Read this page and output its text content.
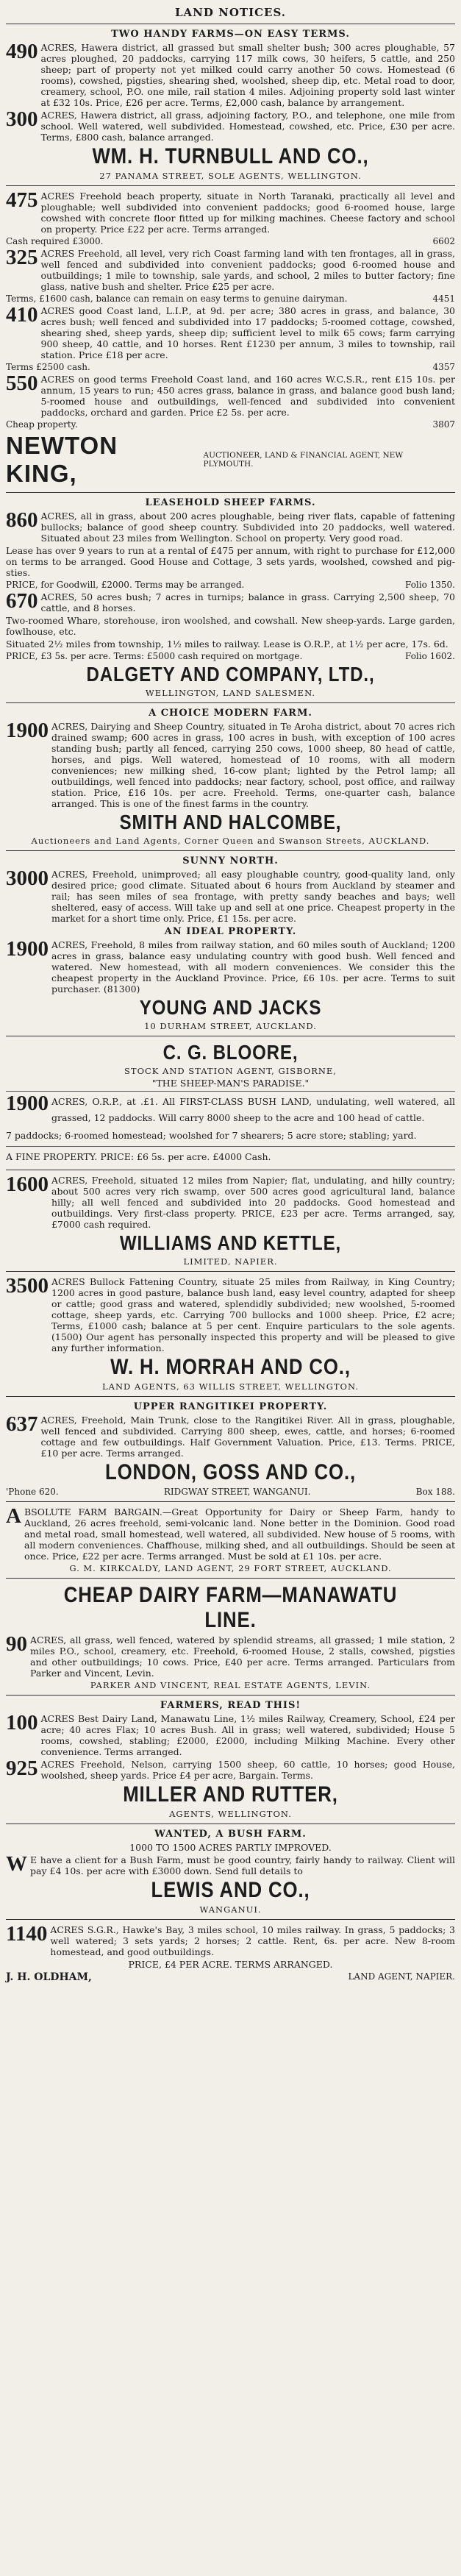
LAND NOTICES.
TWO HANDY FARMS—ON EASY TERMS.
490 ACRES, Hawera district, all grassed but small shelter bush; 300 acres ploughable, 57 acres ploughed, 20 paddocks, carrying 117 milk cows, 30 heifers, 5 cattle, and 250 sheep; part of property not yet milked could carry another 50 cows. Homestead (6 rooms), cowshed, pigsties, shearing shed, woolshed, sheep dip, etc. Metal road to door, creamery, school, P.O. one mile, rail station 4 miles. Adjoining property sold last winter at £32 10s. Price, £26 per acre. Terms, £2,000 cash, balance by arrangement.
300 ACRES, Hawera district, all grass, adjoining factory, P.O., and telephone, one mile from school. Well watered, well subdivided. Homestead, cowshed, etc. Price, £30 per acre. Terms, £800 cash, balance arranged.
WM. H. TURNBULL AND CO.,
27 PANAMA STREET, SOLE AGENTS, WELLINGTON.
475 ACRES Freehold beach property, situate in North Taranaki, practically all level and ploughable; well subdivided into convenient paddocks; good 6-roomed house, large cowshed with concrete floor fitted up for milking machines. Cheese factory and school on property. Price £22 per acre. Terms arranged.
Cash required £3000.	6602
325 ACRES Freehold, all level, very rich Coast farming land with ten frontages, all in grass, well fenced and subdivided into convenient paddocks; good 6-roomed house and outbuildings; 1 mile to township, sale yards, and school, 2 miles to butter factory; fine glass, native bush and shelter. Price £25 per acre.
Terms, £1600 cash, balance can remain on easy terms to genuine dairyman.	4451
410 ACRES good Coast land, L.I.P., at 9d. per acre; 380 acres in grass, and balance, 30 acres bush; well fenced and subdivided into 17 paddocks; 5-roomed cottage, cowshed, shearing shed, sheep yards, sheep dip; sufficient level to milk 65 cows; farm carrying 900 sheep, 40 cattle, and 10 horses. Rent £1230 per annum, 3 miles to township, rail station. Price £18 per acre.
Terms £2500 cash.	4357
550 ACRES on good terms Freehold Coast land, and 160 acres W.C.S.R., rent £15 10s. per annum, 15 years to run; 450 acres grass, balance in grass, and balance good bush land; 5-roomed house and outbuildings, well-fenced and subdivided into convenient paddocks, orchard and garden. Price £2 5s. per acre.
Cheap property.	3807
NEWTON KING,
AUCTIONEER, LAND & FINANCIAL AGENT, NEW PLYMOUTH.
LEASEHOLD SHEEP FARMS.
860 ACRES, all in grass, about 200 acres ploughable, being river flats, capable of fattening bullocks; balance of good sheep country. Subdivided into 20 paddocks, well watered. Situated about 23 miles from Wellington. School on property. Very good road.

Lease has over 9 years to run at a rental of £475 per annum, with right to purchase for £12,000 on terms to be arranged. Good House and Cottage, 3 sets yards, woolshed, cowshed and pig-sties.

PRICE, for Goodwill, £2000. Terms may be arranged.	Folio 1350.
670 ACRES, 50 acres bush; 7 acres in turnips; balance in grass. Carrying 2,500 sheep, 70 cattle, and 8 horses.

Two-roomed Whare, storehouse, iron woolshed, and cowshall. New sheep-yards. Large garden, fowlhouse, etc.

Situated 2½ miles from township, 1½ miles to railway. Lease is O.R.P., at 1½ per acre, 17s. 6d.

PRICE, £3 5s. per acre. Terms: £5000 cash required on mortgage.	Folio 1602.
DALGETY AND COMPANY, LTD.,
WELLINGTON, LAND SALESMEN.
A CHOICE MODERN FARM.
1900 ACRES, Dairying and Sheep Country, situated in Te Aroha district, about 70 acres rich drained swamp; 600 acres in grass, 100 acres in bush, with exception of 100 acres standing bush; partly all fenced, carrying 250 cows, 1000 sheep, 80 head of cattle, horses, and pigs. Well watered, homestead of 10 rooms, with all modern conveniences; new milking shed, 16-cow plant; lighted by the Petrol lamp; all outbuildings, well fenced into paddocks; near factory, school, post office, and railway station. Price, £16 10s. per acre. Freehold. Terms, one-quarter cash, balance arranged. This is one of the finest farms in the country.
SMITH AND HALCOMBE,
Auctioneers and Land Agents, Corner Queen and Swanson Streets, AUCKLAND.
SUNNY NORTH.
3000 ACRES, Freehold, unimproved; all easy ploughable country, good-quality land, only desired price; good climate. Situated about 6 hours from Auckland by steamer and rail; has seen miles of sea frontage, with pretty sandy beaches and bays; well sheltered, easy of access. Will take up and sell at one price. Cheapest property in the market for a short time only. Price, £1 15s. per acre.
AN IDEAL PROPERTY.
1900 ACRES, Freehold, 8 miles from railway station, and 60 miles south of Auckland; 1200 acres in grass, balance easy undulating country with good bush. Well fenced and watered. New homestead, with all modern conveniences. We consider this the cheapest property in the Auckland Province. Price, £6 10s. per acre. Terms to suit purchaser. (81300)
YOUNG AND JACKS
10 DURHAM STREET, AUCKLAND.
C. G. BLOORE,
STOCK AND STATION AGENT, GISBORNE,
"THE SHEEP-MAN'S PARADISE."
1900 ACRES, O.R.P., at .£1. All FIRST-CLASS BUSH LAND, undulating, well watered, all grassed, 12 paddocks. Will carry 8000 sheep to the acre and 100 head of cattle.

7 paddocks; 6-roomed homestead; woolshed for 7 shearers; 5 acre store; stabling; yard.

A FINE PROPERTY. PRICE: £6 5s. per acre. £4000 Cash.

1600 ACRES, Freehold, situated 12 miles from Napier; flat, undulating, and hilly country; about 500 acres very rich swamp, over 500 acres good agricultural land, balance hilly; all well fenced and subdivided into 20 paddocks. Good homestead and outbuildings. Very first-class property. PRICE, £23 per acre. Terms arranged, say, £7000 cash required.
WILLIAMS AND KETTLE,
LIMITED, NAPIER.
3500 ACRES Bullock Fattening Country, situate 25 miles from Railway, in King Country; 1200 acres in good pasture, balance bush land, easy level country, adapted for sheep or cattle; good grass and watered, splendidly subdivided; new woolshed, 5-roomed cottage, sheep yards, etc. Carrying 700 bullocks and 1000 sheep. Price, £2 acre; Terms, £1000 cash; balance at 5 per cent. Enquire particulars to the sole agents. (1500) Our agent has personally inspected this property and will be pleased to give any further information.
W. H. MORRAH AND CO.,
LAND AGENTS, 63 WILLIS STREET, WELLINGTON.
UPPER RANGITIKEI PROPERTY.
637 ACRES, Freehold, Main Trunk, close to the Rangitikei River. All in grass, ploughable, well fenced and subdivided. Carrying 800 sheep, ewes, cattle, and horses; 6-roomed cottage and few outbuildings. Half Government Valuation. Price, £13. Terms. PRICE, £10 per acre. Terms arranged.
LONDON, GOSS AND CO.,
'Phone 620.	RIDGWAY STREET, WANGANUI.	Box 188.
A BSOLUTE FARM BARGAIN.—Great Opportunity for Dairy or Sheep Farm, handy to Auckland, 26 acres freehold, semi-volcanic land. None better in the Dominion. Good road and metal road, small homestead, well watered, all subdivided. New house of 5 rooms, with all modern conveniences. Chaffhouse, milking shed, and all outbuildings. Should be seen at once. Price, £22 per acre. Terms arranged. Must be sold at £1 10s. per acre.
G. M. KIRKCALDY, LAND AGENT, 29 FORT STREET, AUCKLAND.
CHEAP DAIRY FARM—MANAWATU LINE.
90 ACRES, all grass, well fenced, watered by splendid streams, all grassed; 1 mile station, 2 miles P.O., school, creamery, etc. Freehold, 6-roomed House, 2 stalls, cowshed, pigsties and other outbuildings; 10 cows. Price, £40 per acre. Terms arranged. Particulars from Parker and Vincent, Levin.
PARKER AND VINCENT, REAL ESTATE AGENTS, LEVIN.
FARMERS, READ THIS!
100 ACRES Best Dairy Land, Manawatu Line, 1½ miles Railway, Creamery, School, £24 per acre; 40 acres Flax; 10 acres Bush. All in grass; well watered, subdivided; House 5 rooms, cowshed, stabling; £2000, £2000, including Milking Machine. Every other convenience. Terms arranged.
925 ACRES Freehold, Nelson, carrying 1500 sheep, 60 cattle, 10 horses; good House, woolshed, sheep yards. Price £4 per acre, Bargain. Terms.
MILLER AND RUTTER,
AGENTS, WELLINGTON.
WANTED, A BUSH FARM.
1000 TO 1500 ACRES PARTLY IMPROVED.
W E have a client for a Bush Farm, must be good country, fairly handy to railway. Client will pay £4 10s. per acre with £3000 down. Send full details to
LEWIS AND CO.,
WANGANUI.
1140 ACRES S.G.R., Hawke's Bay, 3 miles school, 10 miles railway. In grass, 5 paddocks; 3 well watered; 3 sets yards; 2 horses; 2 cattle. Rent, 6s. per acre. New 8-room homestead, and good outbuildings.
PRICE, £4 PER ACRE. TERMS ARRANGED.
J. H. OLDHAM,	LAND AGENT, NAPIER.
